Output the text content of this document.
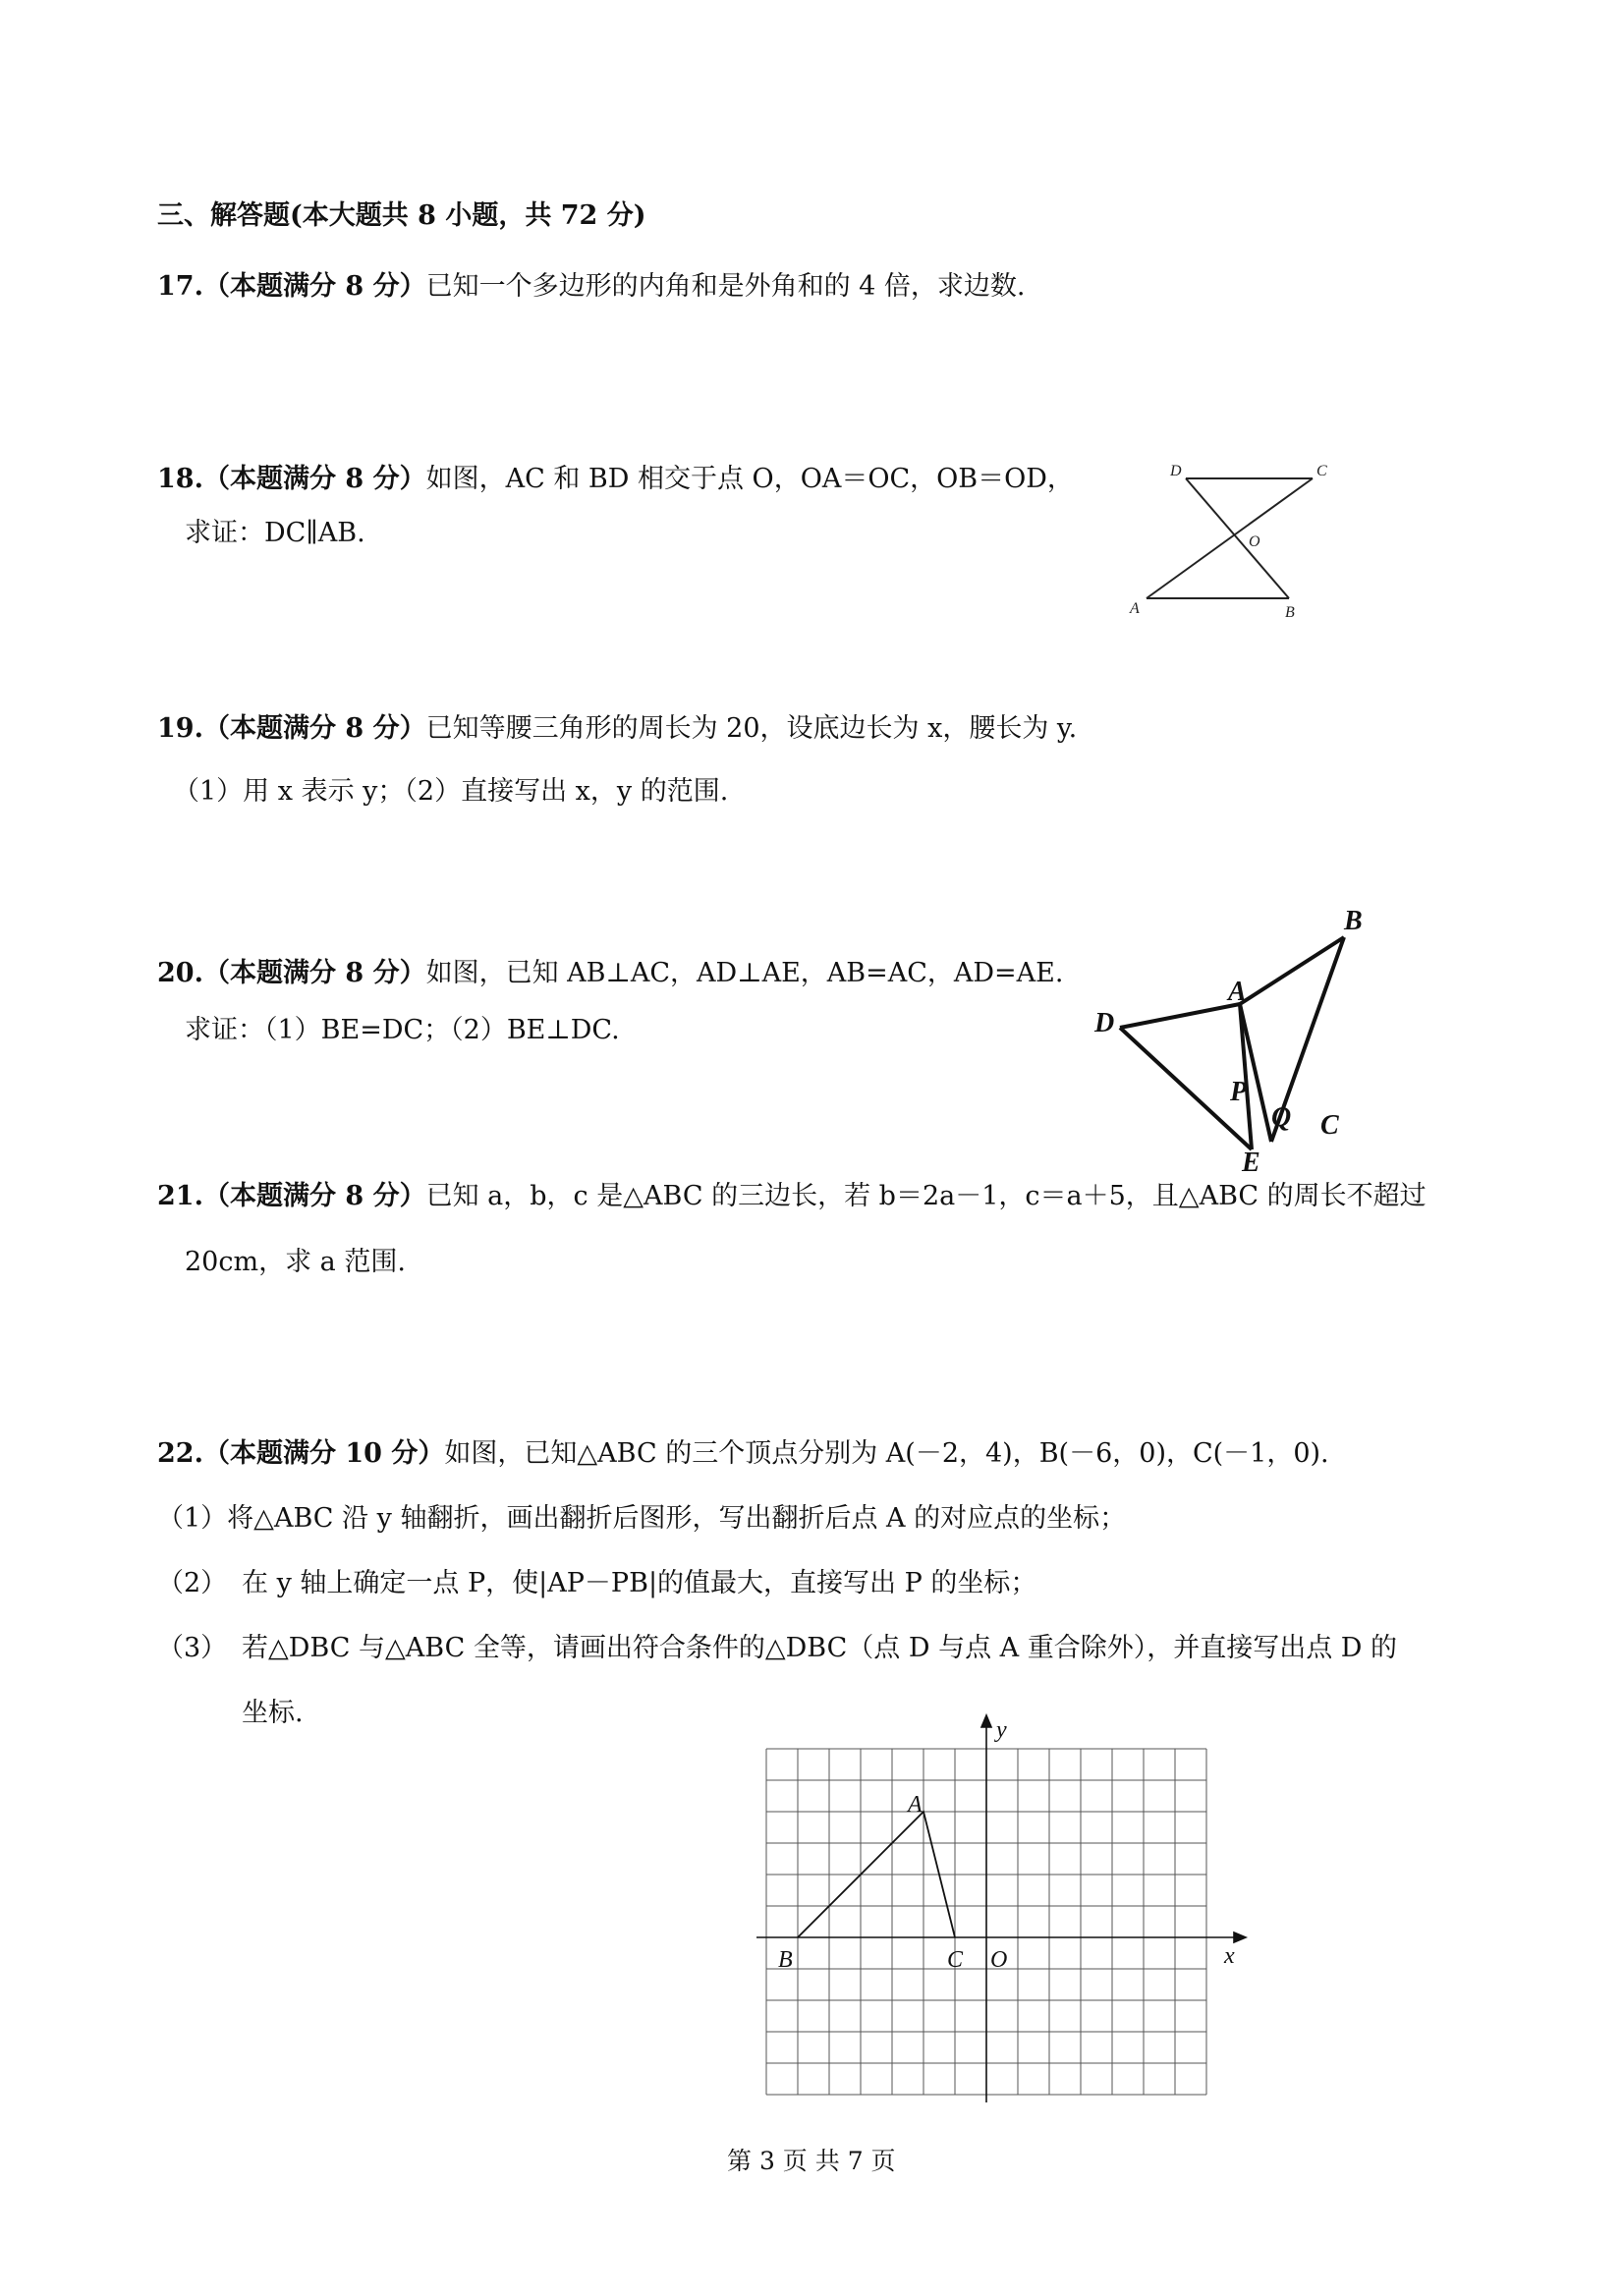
三、解答题(本大题共 8 小题，共 72 分)
17.（本题满分 8 分）已知一个多边形的内角和是外角和的 4 倍，求边数.
18.（本题满分 8 分）如图，AC 和 BD 相交于点 O，OA＝OC，OB＝OD，
求证：DC∥AB.
D	C
O
A	B
19.（本题满分 8 分）已知等腰三角形的周长为 20，设底边长为 x，腰长为 y.
（1）用 x 表示 y；（2）直接写出 x，y 的范围.
20.（本题满分 8 分）如图，已知 AB⊥AC，AD⊥AE，AB=AC，AD=AE.
求证：（1）BE=DC；（2）BE⊥DC.
B
A
D
P
Q C
E
21.（本题满分 8 分）已知 a，b，c 是△ABC 的三边长，若 b＝2a－1，c＝a＋5，且△ABC 的周长不超过
20cm，求 a 范围.
22.（本题满分 10 分）如图，已知△ABC 的三个顶点分别为 A(－2，4)，B(－6，0)，C(－1，0).
（1）将△ABC 沿 y 轴翻折，画出翻折后图形，写出翻折后点 A 的对应点的坐标；
（2） 在 y 轴上确定一点 P，使|AP－PB|的值最大，直接写出 P 的坐标；
（3） 若△DBC 与△ABC 全等，请画出符合条件的△DBC（点 D 与点 A 重合除外），并直接写出点 D 的
坐标.
y
x
A
B	C O
第 3 页 共 7 页
